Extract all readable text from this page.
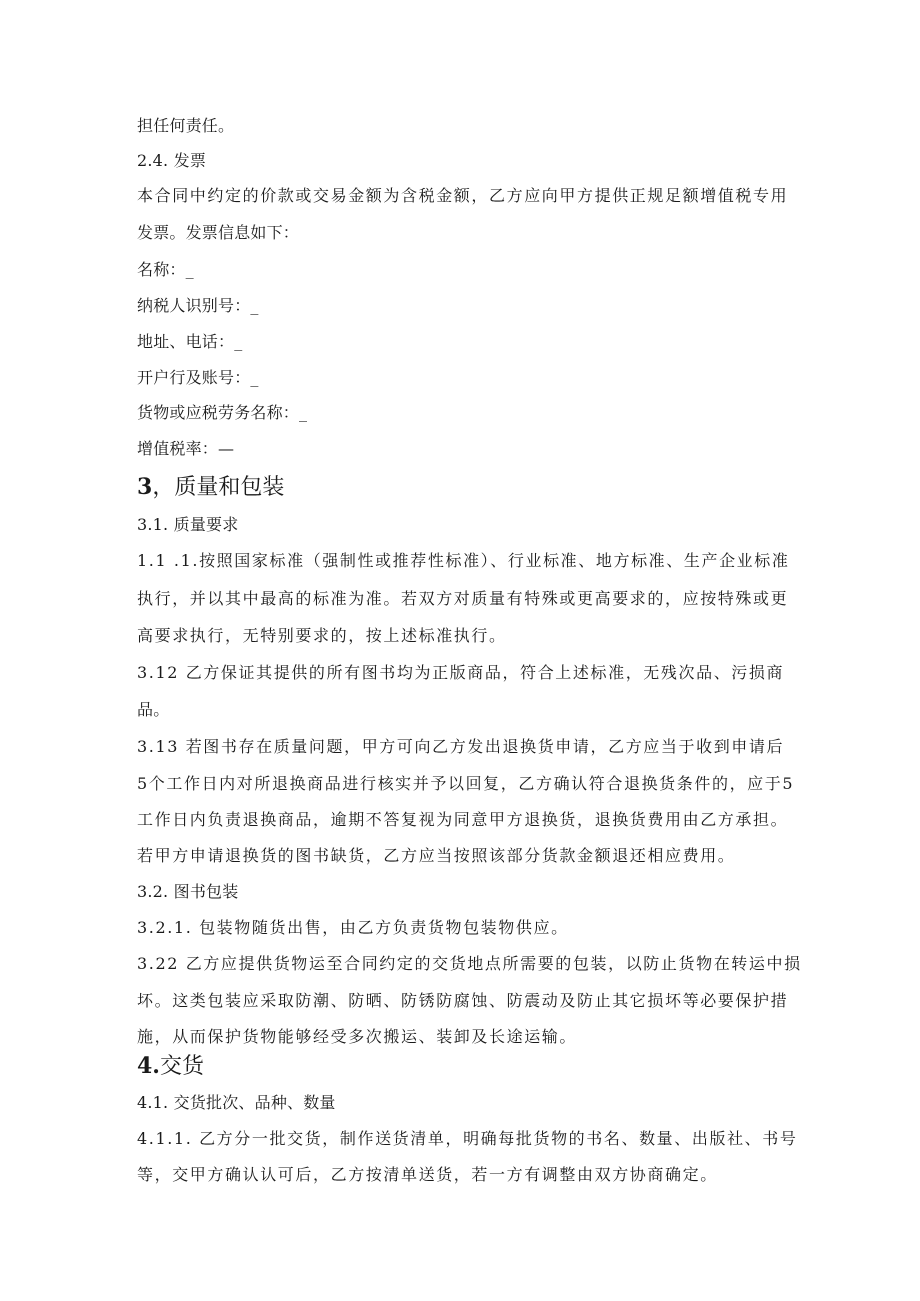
担任何责任。
2.4. 发票
本合同中约定的价款或交易金额为含税金额，乙方应向甲方提供正规足额增值税专用
发票。发票信息如下：
名称：_
纳税人识别号：_
地址、电话：_
开户行及账号：_
货物或应税劳务名称：_
增值税率：—
3，质量和包装
3.1. 质量要求
1.1 .1.按照国家标准（强制性或推荐性标准）、行业标准、地方标准、生产企业标准
执行，并以其中最高的标准为准。若双方对质量有特殊或更高要求的，应按特殊或更
高要求执行，无特别要求的，按上述标准执行。
3.12 乙方保证其提供的所有图书均为正版商品，符合上述标准，无残次品、污损商
品。
3.13 若图书存在质量问题，甲方可向乙方发出退换货申请，乙方应当于收到申请后
5个工作日内对所退换商品进行核实并予以回复，乙方确认符合退换货条件的，应于5
工作日内负责退换商品，逾期不答复视为同意甲方退换货，退换货费用由乙方承担。
若甲方申请退换货的图书缺货，乙方应当按照该部分货款金额退还相应费用。
3.2. 图书包装
3.2.1. 包装物随货出售，由乙方负责货物包装物供应。
3.22 乙方应提供货物运至合同约定的交货地点所需要的包装，以防止货物在转运中损
坏。这类包装应采取防潮、防晒、防锈防腐蚀、防震动及防止其它损坏等必要保护措
施，从而保护货物能够经受多次搬运、装卸及长途运输。
4.交货
4.1. 交货批次、品种、数量
4.1.1. 乙方分一批交货，制作送货清单，明确每批货物的书名、数量、出版社、书号
等，交甲方确认认可后，乙方按清单送货，若一方有调整由双方协商确定。
